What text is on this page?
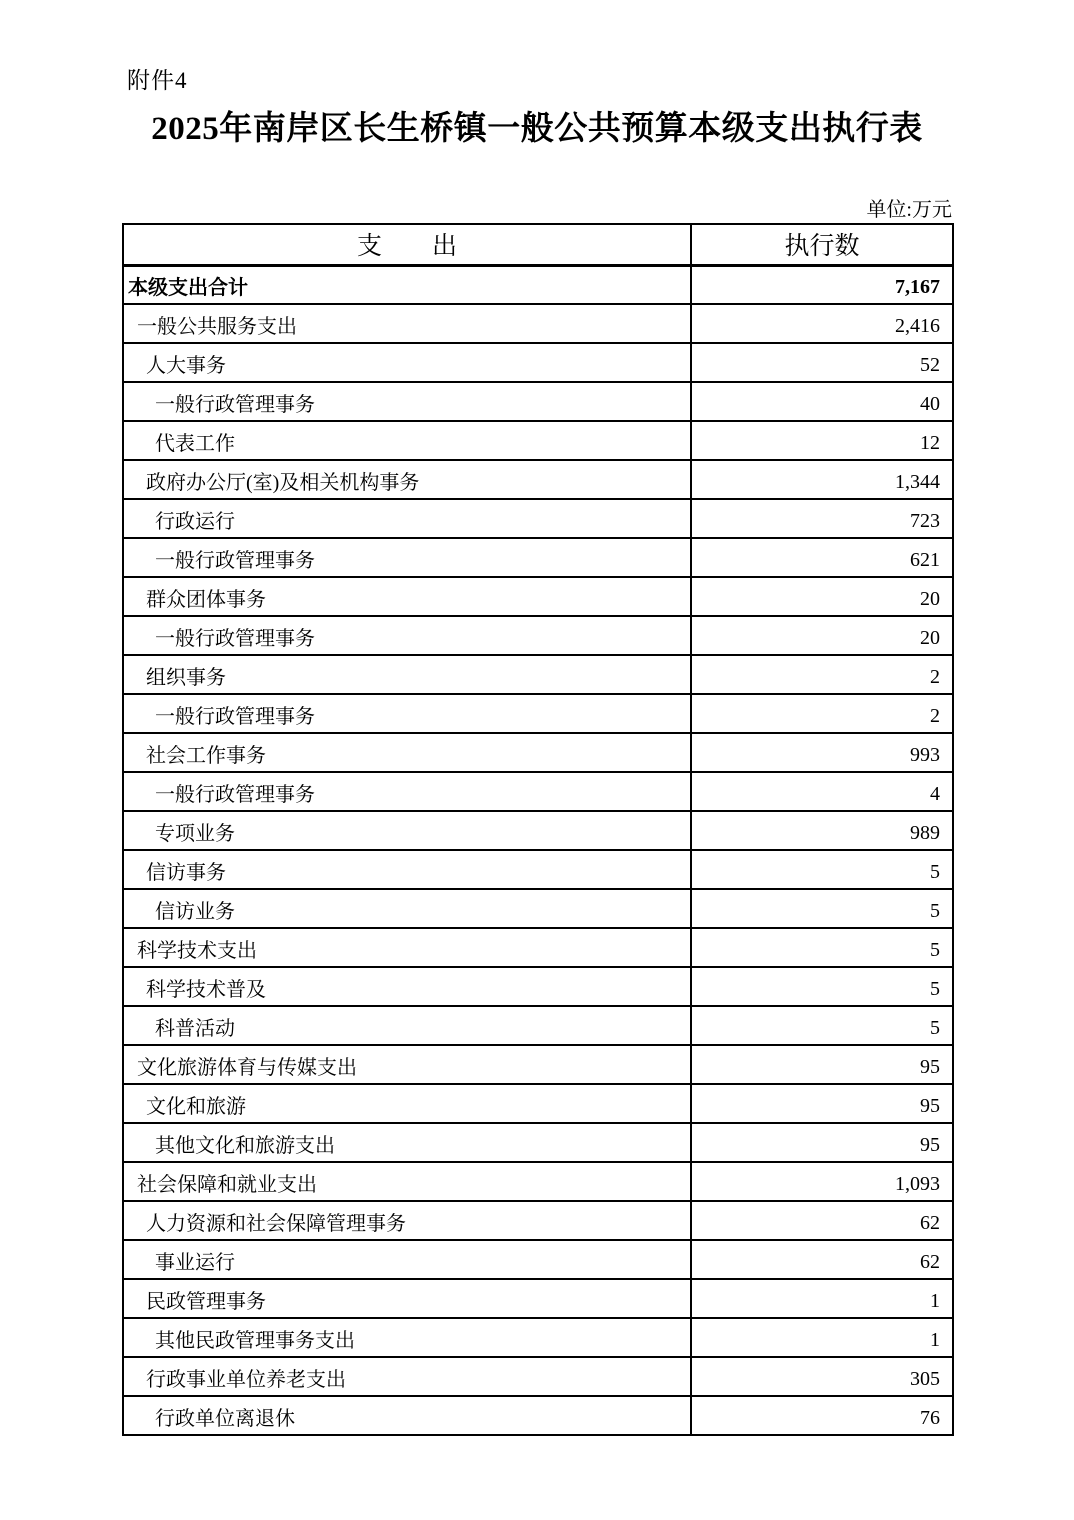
附件4
2025年南岸区长生桥镇一般公共预算本级支出执行表
单位:万元
支出	执行数
本级支出合计	7,167
一般公共服务支出	2,416
人大事务	52
一般行政管理事务	40
代表工作	12
政府办公厅(室)及相关机构事务	1,344
行政运行	723
一般行政管理事务	621
群众团体事务	20
一般行政管理事务	20
组织事务	2
一般行政管理事务	2
社会工作事务	993
一般行政管理事务	4
专项业务	989
信访事务	5
信访业务	5
科学技术支出	5
科学技术普及	5
科普活动	5
文化旅游体育与传媒支出	95
文化和旅游	95
其他文化和旅游支出	95
社会保障和就业支出	1,093
人力资源和社会保障管理事务	62
事业运行	62
民政管理事务	1
其他民政管理事务支出	1
行政事业单位养老支出	305
行政单位离退休	76
